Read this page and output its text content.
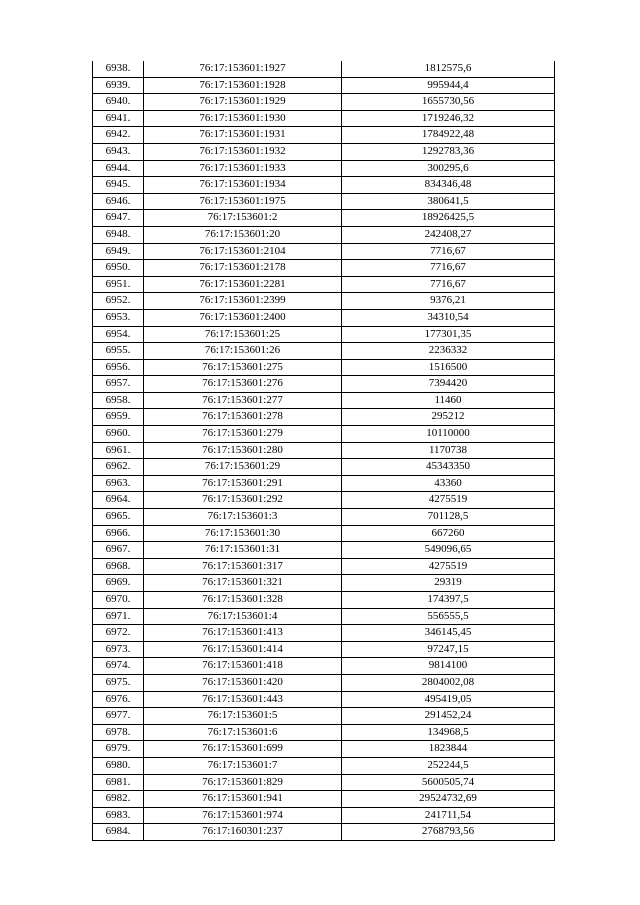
6938.	76:17:153601:1927	1812575,6
6939.	76:17:153601:1928	995944,4
6940.	76:17:153601:1929	1655730,56
6941.	76:17:153601:1930	1719246,32
6942.	76:17:153601:1931	1784922,48
6943.	76:17:153601:1932	1292783,36
6944.	76:17:153601:1933	300295,6
6945.	76:17:153601:1934	834346,48
6946.	76:17:153601:1975	380641,5
6947.	76:17:153601:2	18926425,5
6948.	76:17:153601:20	242408,27
6949.	76:17:153601:2104	7716,67
6950.	76:17:153601:2178	7716,67
6951.	76:17:153601:2281	7716,67
6952.	76:17:153601:2399	9376,21
6953.	76:17:153601:2400	34310,54
6954.	76:17:153601:25	177301,35
6955.	76:17:153601:26	2236332
6956.	76:17:153601:275	1516500
6957.	76:17:153601:276	7394420
6958.	76:17:153601:277	11460
6959.	76:17:153601:278	295212
6960.	76:17:153601:279	10110000
6961.	76:17:153601:280	1170738
6962.	76:17:153601:29	45343350
6963.	76:17:153601:291	43360
6964.	76:17:153601:292	4275519
6965.	76:17:153601:3	701128,5
6966.	76:17:153601:30	667260
6967.	76:17:153601:31	549096,65
6968.	76:17:153601:317	4275519
6969.	76:17:153601:321	29319
6970.	76:17:153601:328	174397,5
6971.	76:17:153601:4	556555,5
6972.	76:17:153601:413	346145,45
6973.	76:17:153601:414	97247,15
6974.	76:17:153601:418	9814100
6975.	76:17:153601:420	2804002,08
6976.	76:17:153601:443	495419,05
6977.	76:17:153601:5	291452,24
6978.	76:17:153601:6	134968,5
6979.	76:17:153601:699	1823844
6980.	76:17:153601:7	252244,5
6981.	76:17:153601:829	5600505,74
6982.	76:17:153601:941	29524732,69
6983.	76:17:153601:974	241711,54
6984.	76:17:160301:237	2768793,56
